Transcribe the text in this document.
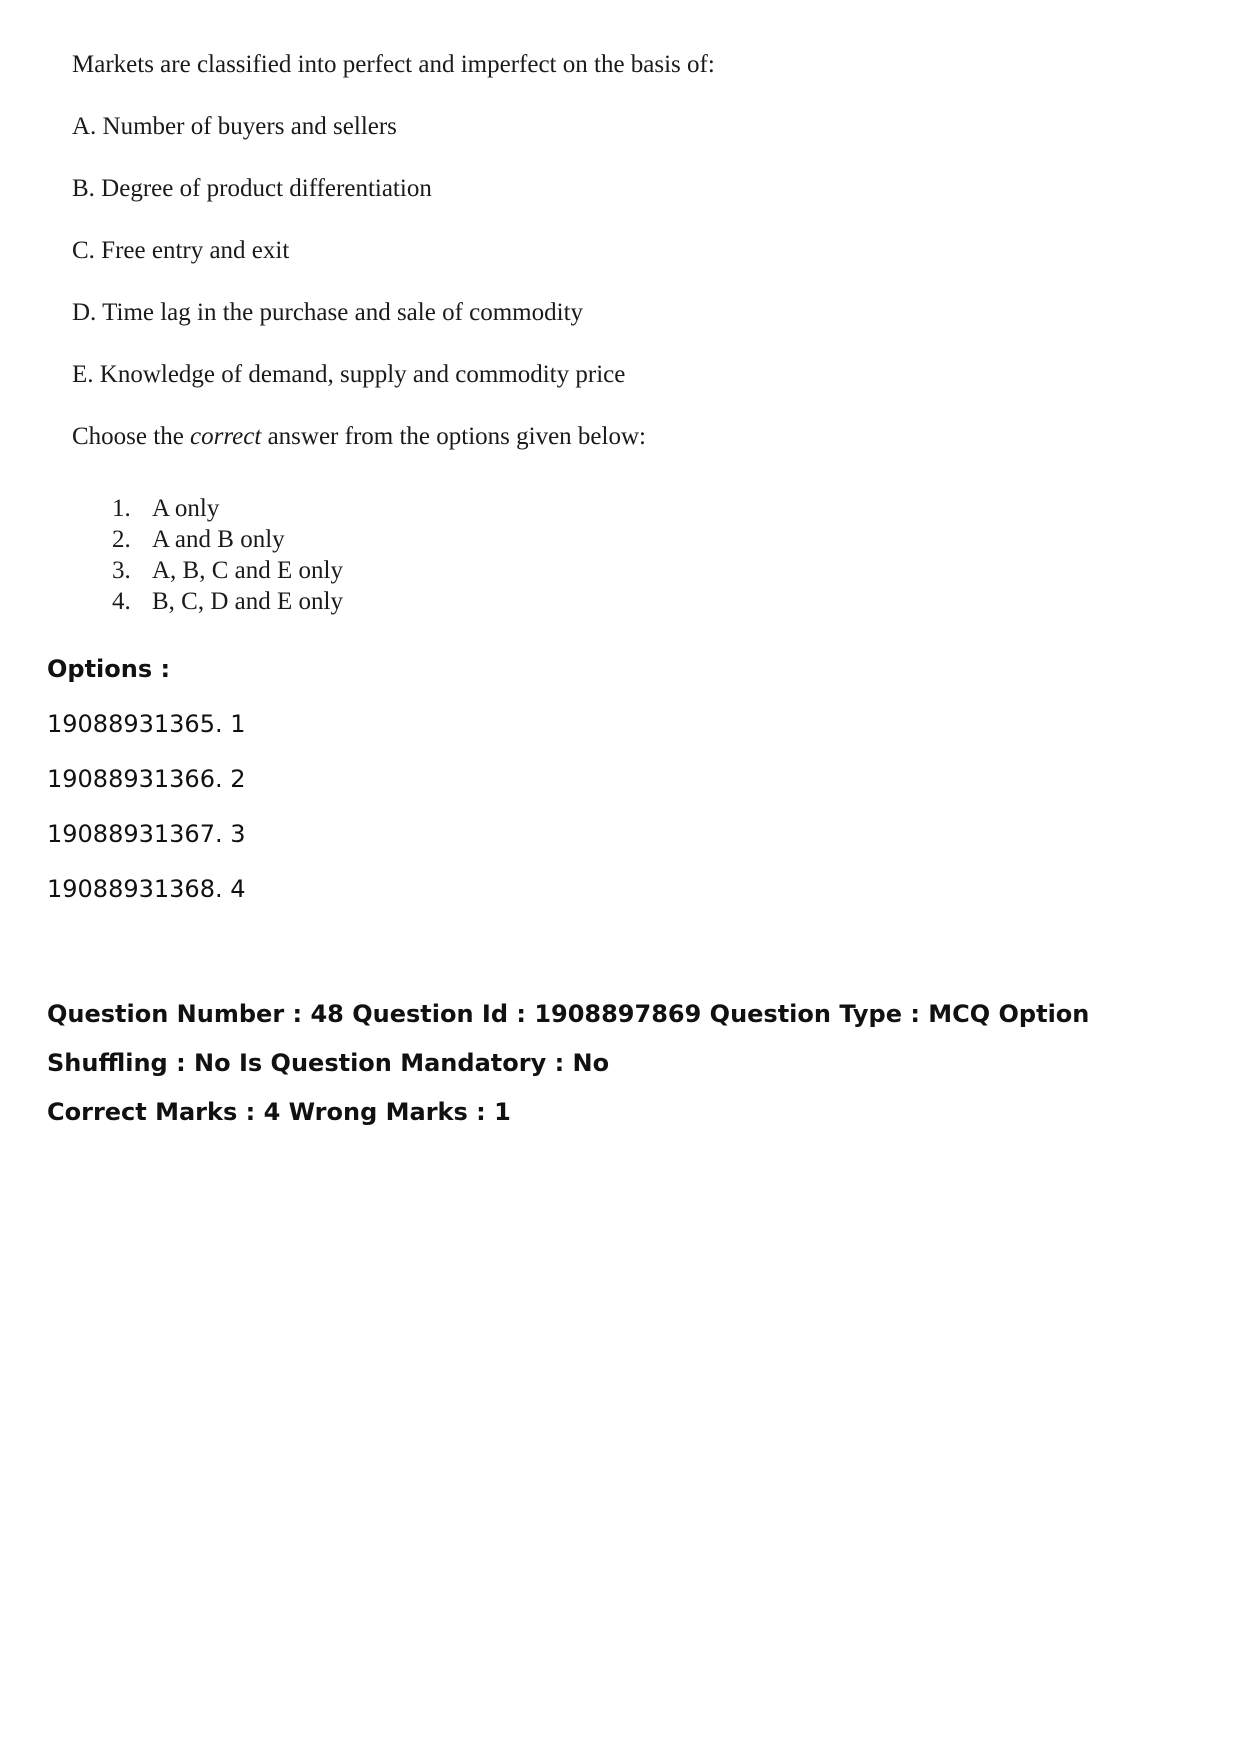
Markets are classified into perfect and imperfect on the basis of:
A. Number of buyers and sellers
B. Degree of product differentiation
C. Free entry and exit
D. Time lag in the purchase and sale of commodity
E. Knowledge of demand, supply and commodity price
Choose the correct answer from the options given below:
1. A only
2. A and B only
3. A, B, C and E only
4. B, C, D and E only
Options :
19088931365. 1
19088931366. 2
19088931367. 3
19088931368. 4
Question Number : 48 Question Id : 1908897869 Question Type : MCQ Option Shuffling : No Is Question Mandatory : No
Correct Marks : 4 Wrong Marks : 1
